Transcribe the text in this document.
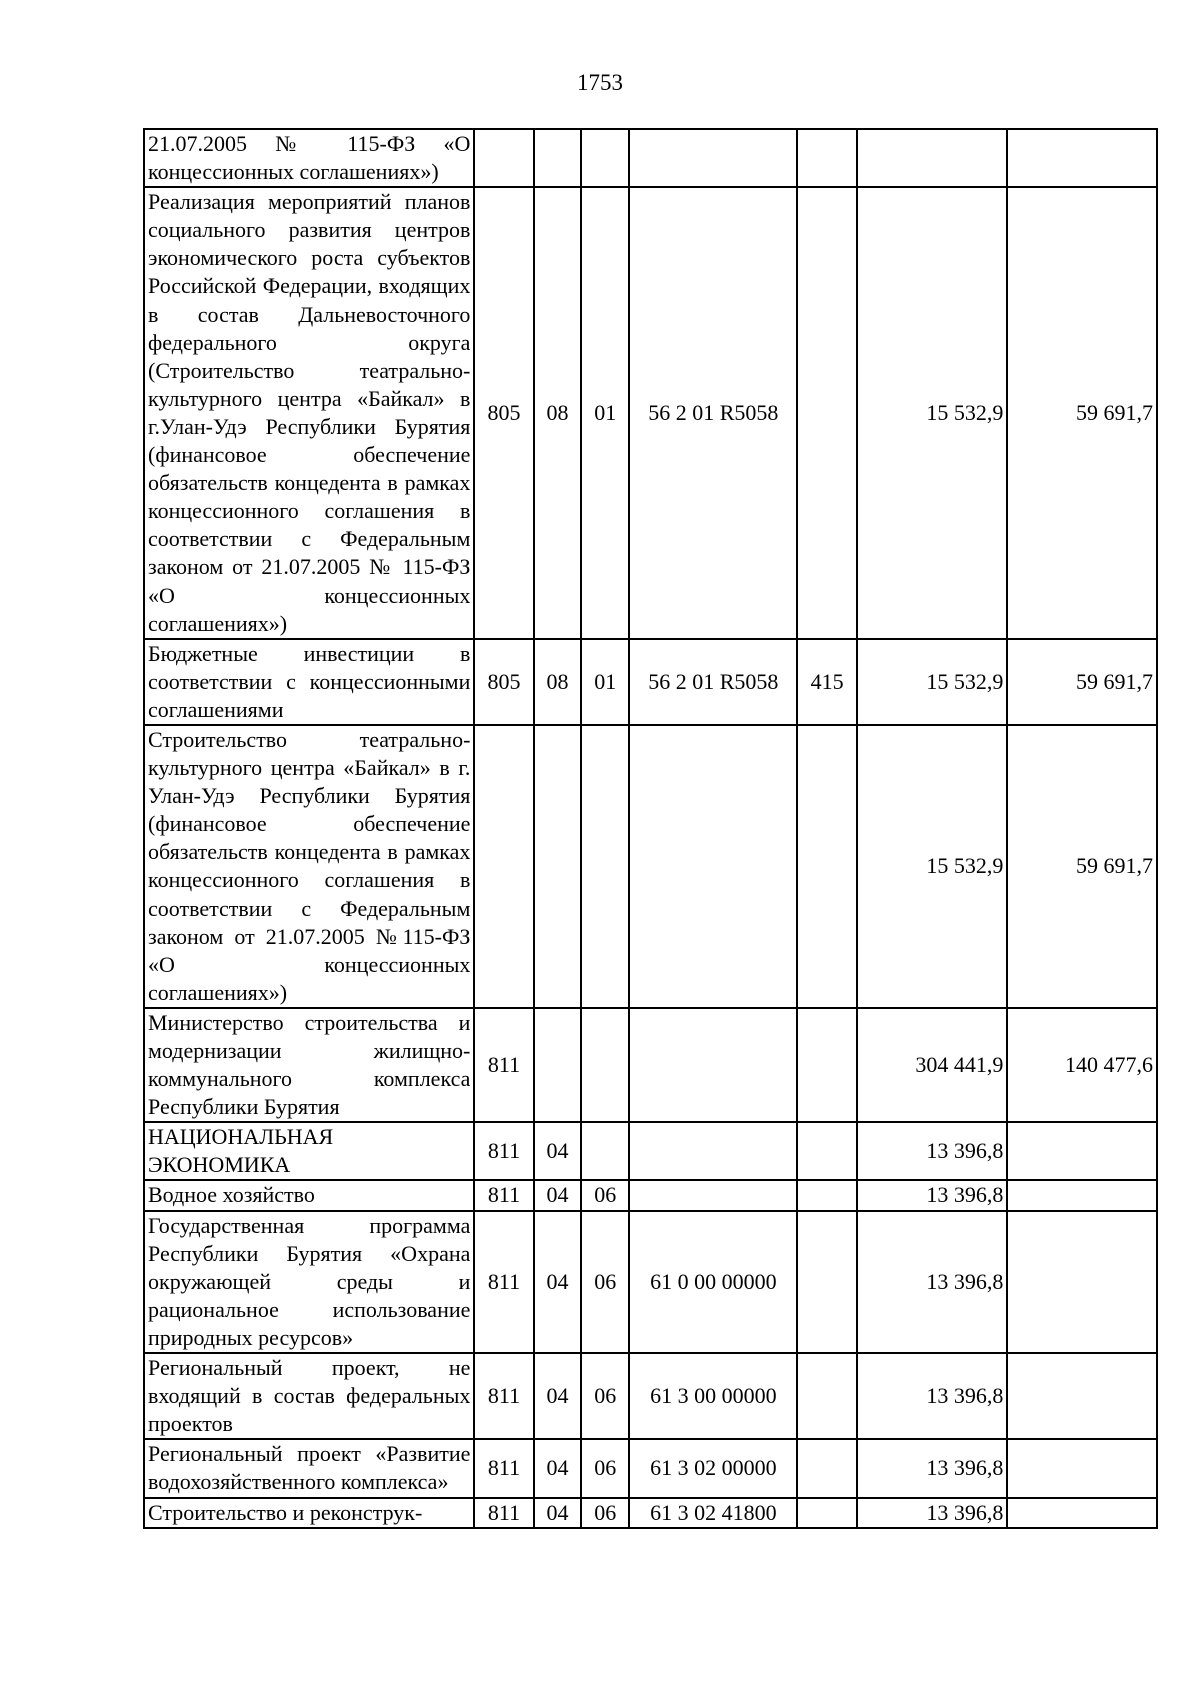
1753
21.07.2005 № 115-ФЗ «О концессионных соглашениях»)							
Реализация мероприятий планов социального развития центров экономического роста субъектов Российской Федерации, входящих в состав Дальневосточного федерального округа (Строительство театрально-культурного центра «Байкал» в г.Улан-Удэ Республики Бурятия (финансовое обеспечение обязательств концедента в рамках концессионного соглашения в соответствии с Федеральным законом от 21.07.2005 № 115-ФЗ «О концессионных соглашениях»)	805	08	01	56 2 01 R5058		15 532,9	59 691,7
Бюджетные инвестиции в соответствии с концессионными соглашениями	805	08	01	56 2 01 R5058	415	15 532,9	59 691,7
Строительство театрально-культурного центра «Байкал» в г. Улан-Удэ Республики Бурятия (финансовое обеспечение обязательств концедента в рамках концессионного соглашения в соответствии с Федеральным законом от 21.07.2005 №115-ФЗ «О концессионных соглашениях»)						15 532,9	59 691,7
Министерство строительства и модернизации жилищно-коммунального комплекса Республики Бурятия	811					304 441,9	140 477,6
НАЦИОНАЛЬНАЯ ЭКОНОМИКА	811	04				13 396,8	
Водное хозяйство	811	04	06			13 396,8	
Государственная программа Республики Бурятия «Охрана окружающей среды и рациональное использование природных ресурсов»	811	04	06	61 0 00 00000		13 396,8	
Региональный проект, не входящий в состав федеральных проектов	811	04	06	61 3 00 00000		13 396,8	
Региональный проект «Развитие водохозяйственного комплекса»	811	04	06	61 3 02 00000		13 396,8	
Строительство и реконструк-	811	04	06	61 3 02 41800		13 396,8	
